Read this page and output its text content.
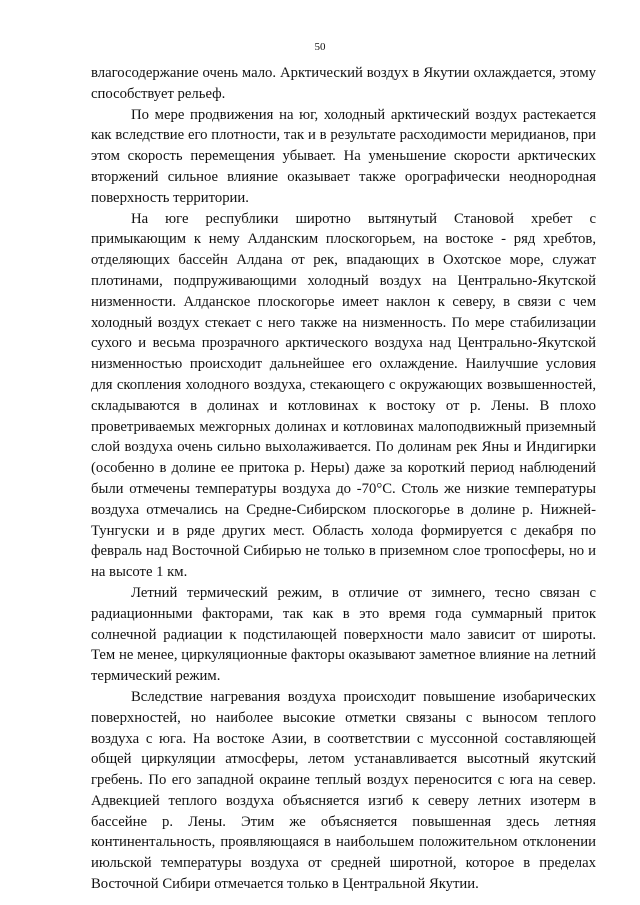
50

влагосодержание очень мало. Арктический воздух в Якутии охлаждается, этому способствует рельеф.

По мере продвижения на юг, холодный арктический воздух растекается как вследствие его плотности, так и в результате расходимости меридианов, при этом скорость перемещения убывает. На уменьшение скорости арктических вторжений сильное влияние оказывает также орографически неоднородная поверхность территории.

На юге республики широтно вытянутый Становой хребет с примыкающим к нему Алданским плоскогорьем, на востоке - ряд хребтов, отделяющих бассейн Алдана от рек, впадающих в Охотское море, служат плотинами, подпруживающими холодный воздух на Центрально-Якутской низменности. Алданское плоскогорье имеет наклон к северу, в связи с чем холодный воздух стекает с него также на низменность. По мере стабилизации сухого и весьма прозрачного арктического воздуха над Центрально-Якутской низменностью происходит дальнейшее его охлаждение. Наилучшие условия для скопления холодного воздуха, стекающего с окружающих возвышенностей, складываются в долинах и котловинах к востоку от р. Лены. В плохо проветриваемых межгорных долинах и котловинах малоподвижный приземный слой воздуха очень сильно выхолаживается. По долинам рек Яны и Индигирки (особенно в долине ее притока р. Неры) даже за короткий период наблюдений были отмечены температуры воздуха до -70°С. Столь же низкие температуры воздуха отмечались на Средне-Сибирском плоскогорье в долине р. Нижней-Тунгуски и в ряде других мест. Область холода формируется с декабря по февраль над Восточной Сибирью не только в приземном слое тропосферы, но и на высоте 1 км.

Летний термический режим, в отличие от зимнего, тесно связан с радиационными факторами, так как в это время года суммарный приток солнечной радиации к подстилающей поверхности мало зависит от широты. Тем не менее, циркуляционные факторы оказывают заметное влияние на летний термический режим.

Вследствие нагревания воздуха происходит повышение изобарических поверхностей, но наиболее высокие отметки связаны с выносом теплого воздуха с юга. На востоке Азии, в соответствии с муссонной составляющей общей циркуляции атмосферы, летом устанавливается высотный якутский гребень. По его западной окраине теплый воздух переносится с юга на север. Адвекцией теплого воздуха объясняется изгиб к северу летних изотерм в бассейне р. Лены. Этим же объясняется повышенная здесь летняя континентальность, проявляющаяся в наибольшем положительном отклонении июльской температуры воздуха от средней широтной, которое в пределах Восточной Сибири отмечается только в Центральной Якутии.
